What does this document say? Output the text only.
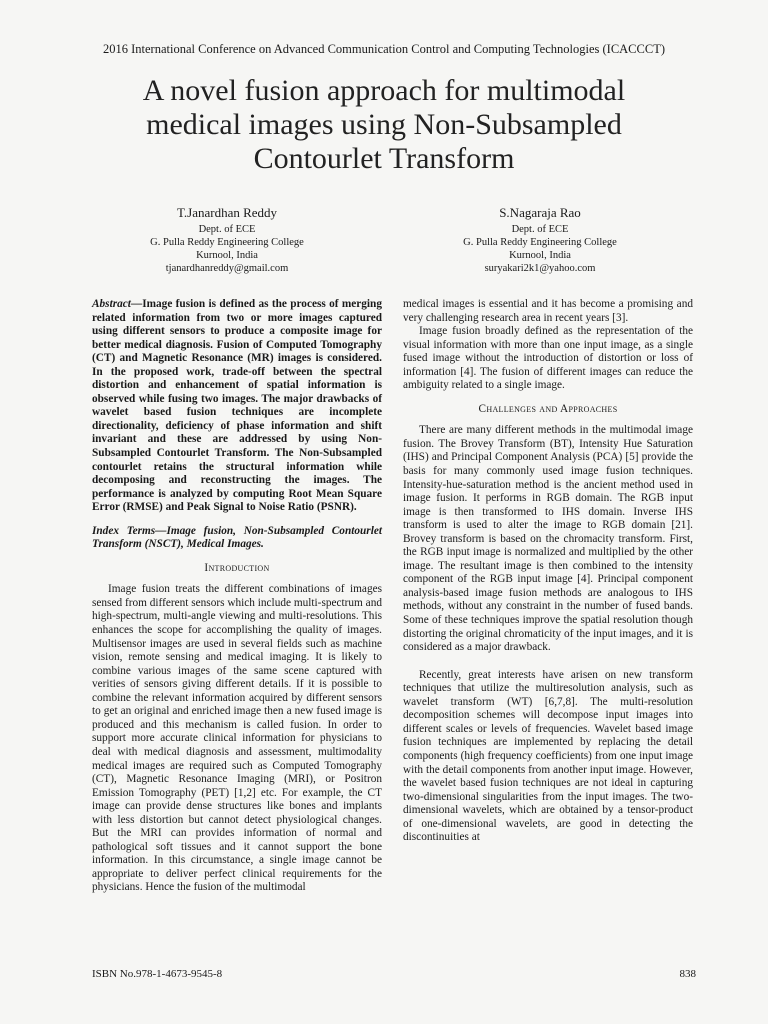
2016 International Conference on Advanced Communication Control and Computing Technologies (ICACCCT)
A novel fusion approach for multimodal medical images using Non-Subsampled Contourlet Transform
T.Janardhan Reddy
Dept. of ECE
G. Pulla Reddy Engineering College
Kurnool, India
tjanardhanreddy@gmail.com
S.Nagaraja Rao
Dept. of ECE
G. Pulla Reddy Engineering College
Kurnool, India
suryakari2k1@yahoo.com

Abstract—Image fusion is defined as the process of merging related information from two or more images captured using different sensors to produce a composite image for better medical diagnosis. Fusion of Computed Tomography (CT) and Magnetic Resonance (MR) images is considered. In the proposed work, trade-off between the spectral distortion and enhancement of spatial information is observed while fusing two images. The major drawbacks of wavelet based fusion techniques are incomplete directionality, deficiency of phase information and shift invariant and these are addressed by using Non-Subsampled Contourlet Transform. The Non-Subsampled contourlet retains the structural information while decomposing and reconstructing the images. The performance is analyzed by computing Root Mean Square Error (RMSE) and Peak Signal to Noise Ratio (PSNR).

Index Terms—Image fusion, Non-Subsampled Contourlet Transform (NSCT), Medical Images.

Introduction

Image fusion treats the different combinations of images sensed from different sensors which include multi-spectrum and high-spectrum, multi-angle viewing and multi-resolutions. This enhances the scope for accomplishing the quality of images. Multisensor images are used in several fields such as machine vision, remote sensing and medical imaging. It is likely to combine various images of the same scene captured with verities of sensors giving different details. If it is possible to combine the relevant information acquired by different sensors to get an original and enriched image then a new fused image is produced and this mechanism is called fusion. In order to support more accurate clinical information for physicians to deal with medical diagnosis and assessment, multimodality medical images are required such as Computed Tomography (CT), Magnetic Resonance Imaging (MRI), or Positron Emission Tomography (PET) [1,2] etc. For example, the CT image can provide dense structures like bones and implants with less distortion but cannot detect physiological changes. But the MRI can provides information of normal and pathological soft tissues and it cannot support the bone information. In this circumstance, a single image cannot be appropriate to deliver perfect clinical requirements for the physicians. Hence the fusion of the multimodal

medical images is essential and it has become a promising and very challenging research area in recent years [3].

Image fusion broadly defined as the representation of the visual information with more than one input image, as a single fused image without the introduction of distortion or loss of information [4]. The fusion of different images can reduce the ambiguity related to a single image.

Challenges and Approaches

There are many different methods in the multimodal image fusion. The Brovey Transform (BT), Intensity Hue Saturation (IHS) and Principal Component Analysis (PCA) [5] provide the basis for many commonly used image fusion techniques. Intensity-hue-saturation method is the ancient method used in image fusion. It performs in RGB domain. The RGB input image is then transformed to IHS domain. Inverse IHS transform is used to alter the image to RGB domain [21]. Brovey transform is based on the chromacity transform. First, the RGB input image is normalized and multiplied by the other image. The resultant image is then combined to the intensity component of the RGB input image [4]. Principal component analysis-based image fusion methods are analogous to IHS methods, without any constraint in the number of fused bands. Some of these techniques improve the spatial resolution though distorting the original chromaticity of the input images, and it is considered as a major drawback.

Recently, great interests have arisen on new transform techniques that utilize the multiresolution analysis, such as wavelet transform (WT) [6,7,8]. The multi-resolution decomposition schemes will decompose input images into different scales or levels of frequencies. Wavelet based image fusion techniques are implemented by replacing the detail components (high frequency coefficients) from one input image with the detail components from another input image. However, the wavelet based fusion techniques are not ideal in capturing two-dimensional singularities from the input images. The two-dimensional wavelets, which are obtained by a tensor-product of one-dimensional wavelets, are good in detecting the discontinuities at

ISBN No.978-1-4673-9545-8	838
